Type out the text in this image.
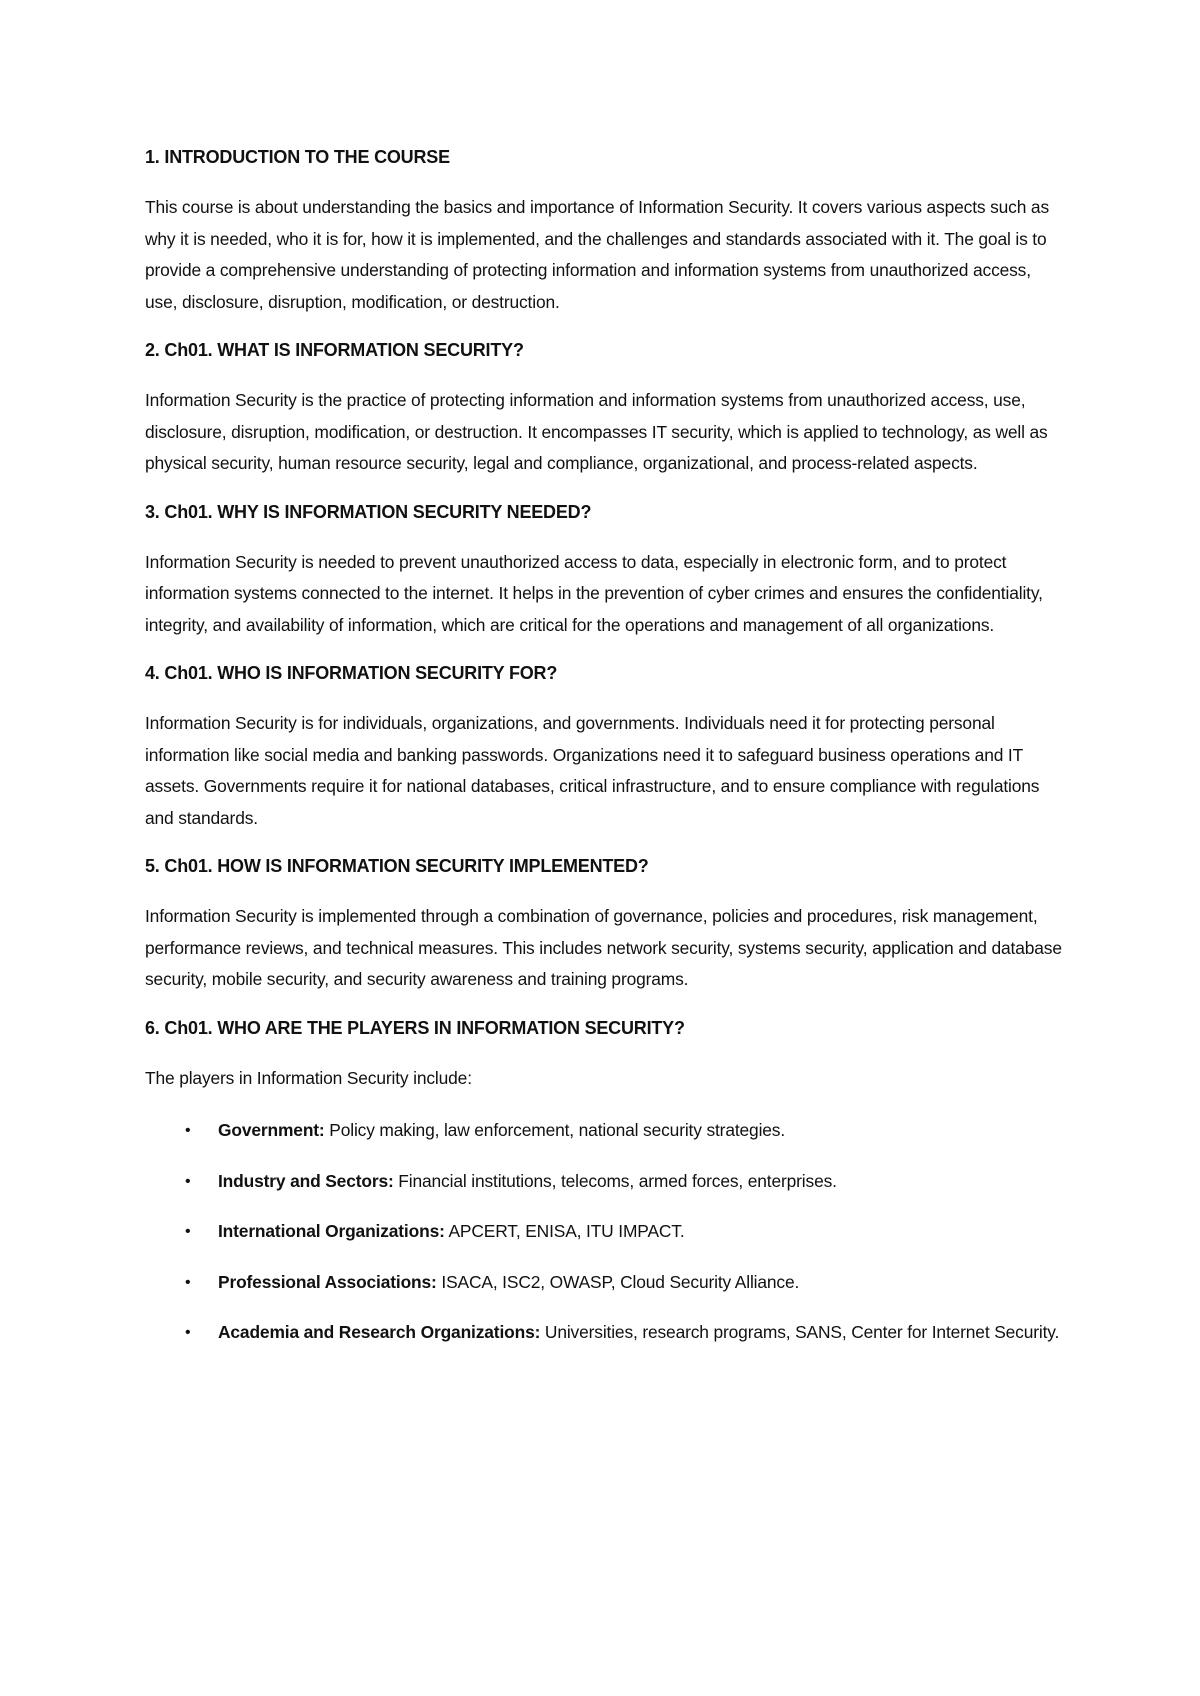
1. INTRODUCTION TO THE COURSE

This course is about understanding the basics and importance of Information Security. It covers various aspects such as why it is needed, who it is for, how it is implemented, and the challenges and standards associated with it. The goal is to provide a comprehensive understanding of protecting information and information systems from unauthorized access, use, disclosure, disruption, modification, or destruction.

2. Ch01. WHAT IS INFORMATION SECURITY?

Information Security is the practice of protecting information and information systems from unauthorized access, use, disclosure, disruption, modification, or destruction. It encompasses IT security, which is applied to technology, as well as physical security, human resource security, legal and compliance, organizational, and process-related aspects.

3. Ch01. WHY IS INFORMATION SECURITY NEEDED?

Information Security is needed to prevent unauthorized access to data, especially in electronic form, and to protect information systems connected to the internet. It helps in the prevention of cyber crimes and ensures the confidentiality, integrity, and availability of information, which are critical for the operations and management of all organizations.

4. Ch01. WHO IS INFORMATION SECURITY FOR?

Information Security is for individuals, organizations, and governments. Individuals need it for protecting personal information like social media and banking passwords. Organizations need it to safeguard business operations and IT assets. Governments require it for national databases, critical infrastructure, and to ensure compliance with regulations and standards.

5. Ch01. HOW IS INFORMATION SECURITY IMPLEMENTED?

Information Security is implemented through a combination of governance, policies and procedures, risk management, performance reviews, and technical measures. This includes network security, systems security, application and database security, mobile security, and security awareness and training programs.

6. Ch01. WHO ARE THE PLAYERS IN INFORMATION SECURITY?

The players in Information Security include:

• Government: Policy making, law enforcement, national security strategies.
• Industry and Sectors: Financial institutions, telecoms, armed forces, enterprises.
• International Organizations: APCERT, ENISA, ITU IMPACT.
• Professional Associations: ISACA, ISC2, OWASP, Cloud Security Alliance.
• Academia and Research Organizations: Universities, research programs, SANS, Center for Internet Security.
